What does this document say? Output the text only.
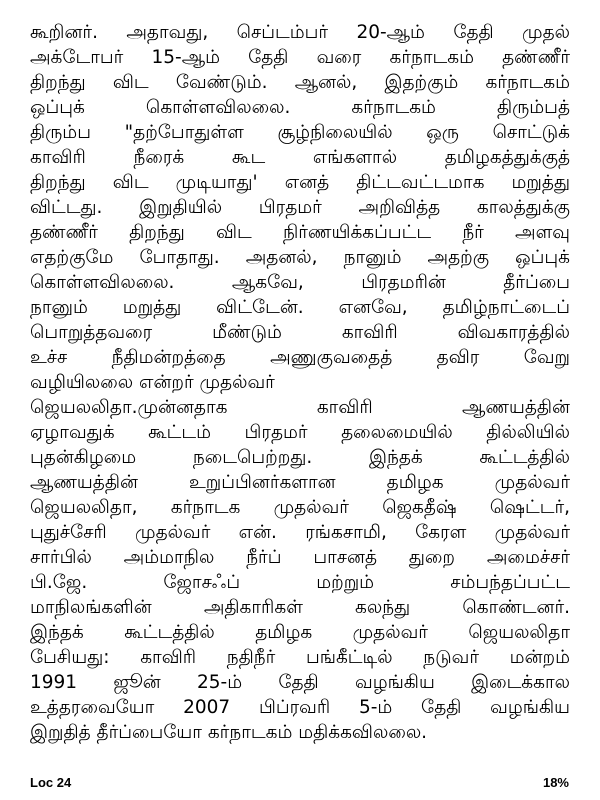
கூறினர். அதாவது, செப்டம்பர் 20-ஆம் தேதி முதல்
அக்டோபர் 15-ஆம் தேதி வரை கர்நாடகம் தண்ணீர்
திறந்து விட வேண்டும். ஆனல், இதற்கும் கர்நாடகம்
ஒப்புக் கொள்ளவிலலை. கர்நாடகம் திரும்பத்
திரும்ப "தற்போதுள்ள சூழ்நிலையில் ஒரு சொட்டுக்
காவிரி நீரைக் கூட எங்களால் தமிழகத்துக்குத்
திறந்து விட முடியாது' எனத் திட்டவட்டமாக மறுத்து
விட்டது. இறுதியில் பிரதமர் அறிவித்த காலத்துக்கு
தண்ணீர் திறந்து விட நிர்ணயிக்கப்பட்ட நீர் அளவு
எதற்குமே போதாது. அதனல், நானும் அதற்கு ஒப்புக்
கொள்ளவிலலை. ஆகவே, பிரதமரின் தீர்ப்பை
நானும் மறுத்து விட்டேன். எனவே, தமிழ்நாட்டைப்
பொறுத்தவரை மீண்டும் காவிரி விவகாரத்தில்
உச்ச நீதிமன்றத்தை அணுகுவதைத் தவிர வேறு
வழியிலலை என்றர் முதல்வர்
ஜெயலலிதா.முன்னதாக காவிரி ஆணயத்தின்
ஏழாவதுக் கூட்டம் பிரதமர் தலைமையில் தில்லியில்
புதன்கிழமை நடைபெற்றது. இந்தக் கூட்டத்தில்
ஆணயத்தின் உறுப்பினர்களான தமிழக முதல்வர்
ஜெயலலிதா, கர்நாடக முதல்வர் ஜெகதீஷ் ஷெட்டர்,
புதுச்சேரி முதல்வர் என். ரங்கசாமி, கேரள முதல்வர்
சார்பில் அம்மாநில நீர்ப் பாசனத் துறை அமைச்சர்
பி.ஜே. ஜோசஃப் மற்றும் சம்பந்தப்பட்ட
மாநிலங்களின் அதிகாரிகள் கலந்து கொண்டனர்.
இந்தக் கூட்டத்தில் தமிழக முதல்வர் ஜெயலலிதா
பேசியது: காவிரி நதிநீர் பங்கீட்டில் நடுவர் மன்றம்
1991 ஜூன் 25-ம் தேதி வழங்கிய இடைக்கால
உத்தரவையோ 2007 பிப்ரவரி 5-ம் தேதி வழங்கிய
இறுதித் தீர்ப்பையோ கர்நாடகம் மதிக்கவிலலை.
Loc 24	18%
